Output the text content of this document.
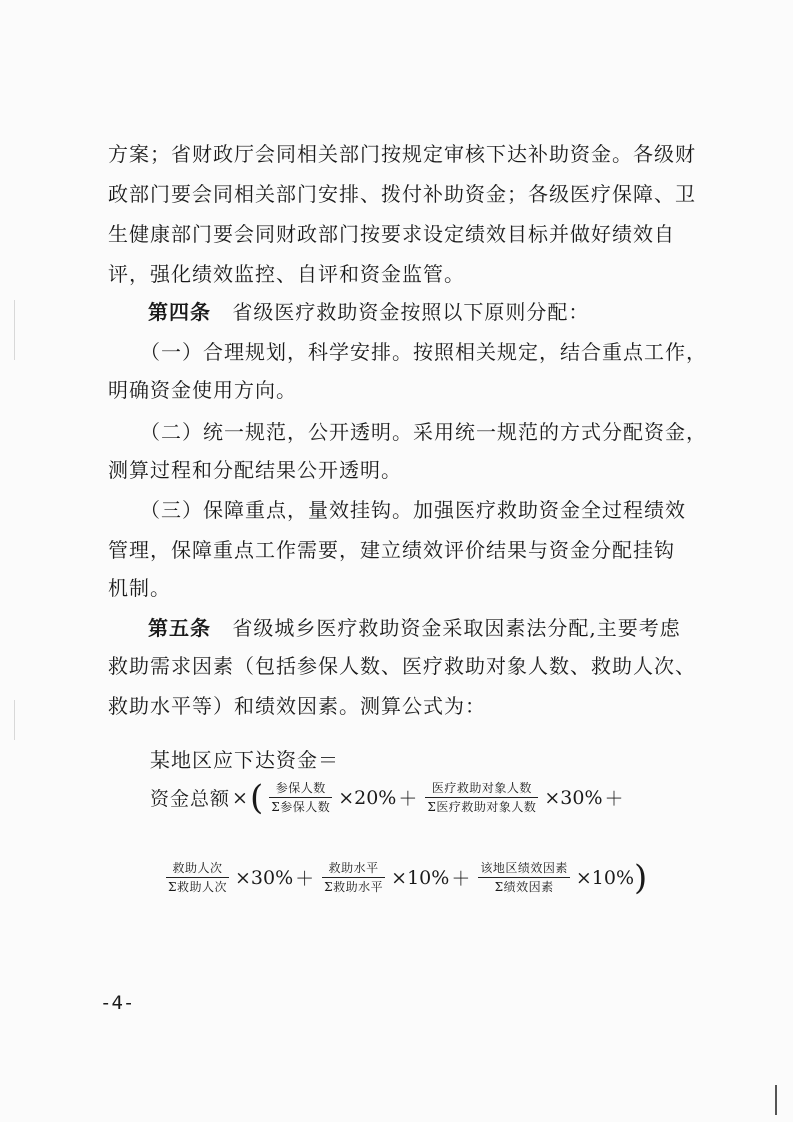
方案；省财政厅会同相关部门按规定审核下达补助资金。各级财
政部门要会同相关部门安排、拨付补助资金；各级医疗保障、卫
生健康部门要会同财政部门按要求设定绩效目标并做好绩效自
评，强化绩效监控、自评和资金监管。
第四条 省级医疗救助资金按照以下原则分配：
（一）合理规划，科学安排。按照相关规定，结合重点工作，
明确资金使用方向。
（二）统一规范，公开透明。采用统一规范的方式分配资金，
测算过程和分配结果公开透明。
（三）保障重点，量效挂钩。加强医疗救助资金全过程绩效
管理，保障重点工作需要，建立绩效评价结果与资金分配挂钩
机制。
第五条 省级城乡医疗救助资金采取因素法分配,主要考虑
救助需求因素（包括参保人数、医疗救助对象人数、救助人次、
救助水平等）和绩效因素。测算公式为：
某地区应下达资金＝
资金总额 × ( $\frac{\text{参保人数}}{\text{Σ参保人数}} \times 20\% + \frac{\text{医疗救助对象人数}}{\text{Σ医疗救助对象人数}} \times 30\%$ ＋
$\frac{\text{救助人次}}{\text{Σ救助人次}} \times 30\% + \frac{\text{救助水平}}{\text{Σ救助水平}} \times 10\% + \frac{\text{该地区绩效因素}}{\text{Σ绩效因素}} \times 10\%$ )
-4-
